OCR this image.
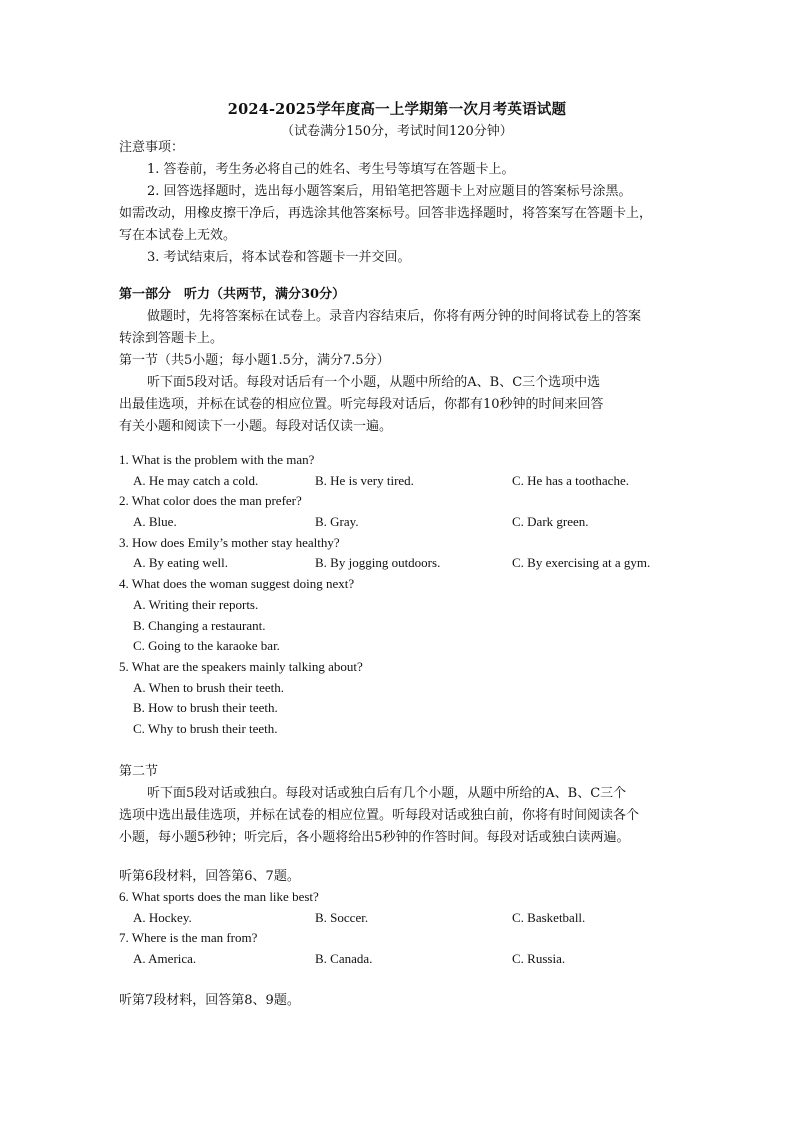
2024-2025学年度高一上学期第一次月考英语试题
（试卷满分150分，考试时间120分钟）

注意事项：

1. 答卷前，考生务必将自己的姓名、考生号等填写在答题卡上。

2. 回答选择题时，选出每小题答案后，用铅笔把答题卡上对应题目的答案标号涂黑。

如需改动，用橡皮擦干净后，再选涂其他答案标号。回答非选择题时，将答案写在答题卡上，

写在本试卷上无效。

3. 考试结束后，将本试卷和答题卡一并交回。

第一部分　听力（共两节，满分30分）

做题时，先将答案标在试卷上。录音内容结束后，你将有两分钟的时间将试卷上的答案

转涂到答题卡上。

第一节（共5小题；每小题1.5分，满分7.5分）

听下面5段对话。每段对话后有一个小题，从题中所给的A、B、C三个选项中选

出最佳选项，并标在试卷的相应位置。听完每段对话后，你都有10秒钟的时间来回答

有关小题和阅读下一小题。每段对话仅读一遍。

1. What is the problem with the man?
A. He may catch a cold.	B. He is very tired.	C. He has a toothache.
2. What color does the man prefer?
A. Blue.	B. Gray.	C. Dark green.
3. How does Emily’s mother stay healthy?
A. By eating well.	B. By jogging outdoors.	C. By exercising at a gym.
4. What does the woman suggest doing next?
A. Writing their reports.
B. Changing a restaurant.
C. Going to the karaoke bar.
5. What are the speakers mainly talking about?
A. When to brush their teeth.
B. How to brush their teeth.
C. Why to brush their teeth.

第二节

听下面5段对话或独白。每段对话或独白后有几个小题，从题中所给的A、B、C三个

选项中选出最佳选项，并标在试卷的相应位置。听每段对话或独白前，你将有时间阅读各个

小题，每小题5秒钟；听完后，各小题将给出5秒钟的作答时间。每段对话或独白读两遍。

听第6段材料，回答第6、7题。
6. What sports does the man like best?
A. Hockey.	B. Soccer.	C. Basketball.
7. Where is the man from?
A. America.	B. Canada.	C. Russia.
听第7段材料，回答第8、9题。
